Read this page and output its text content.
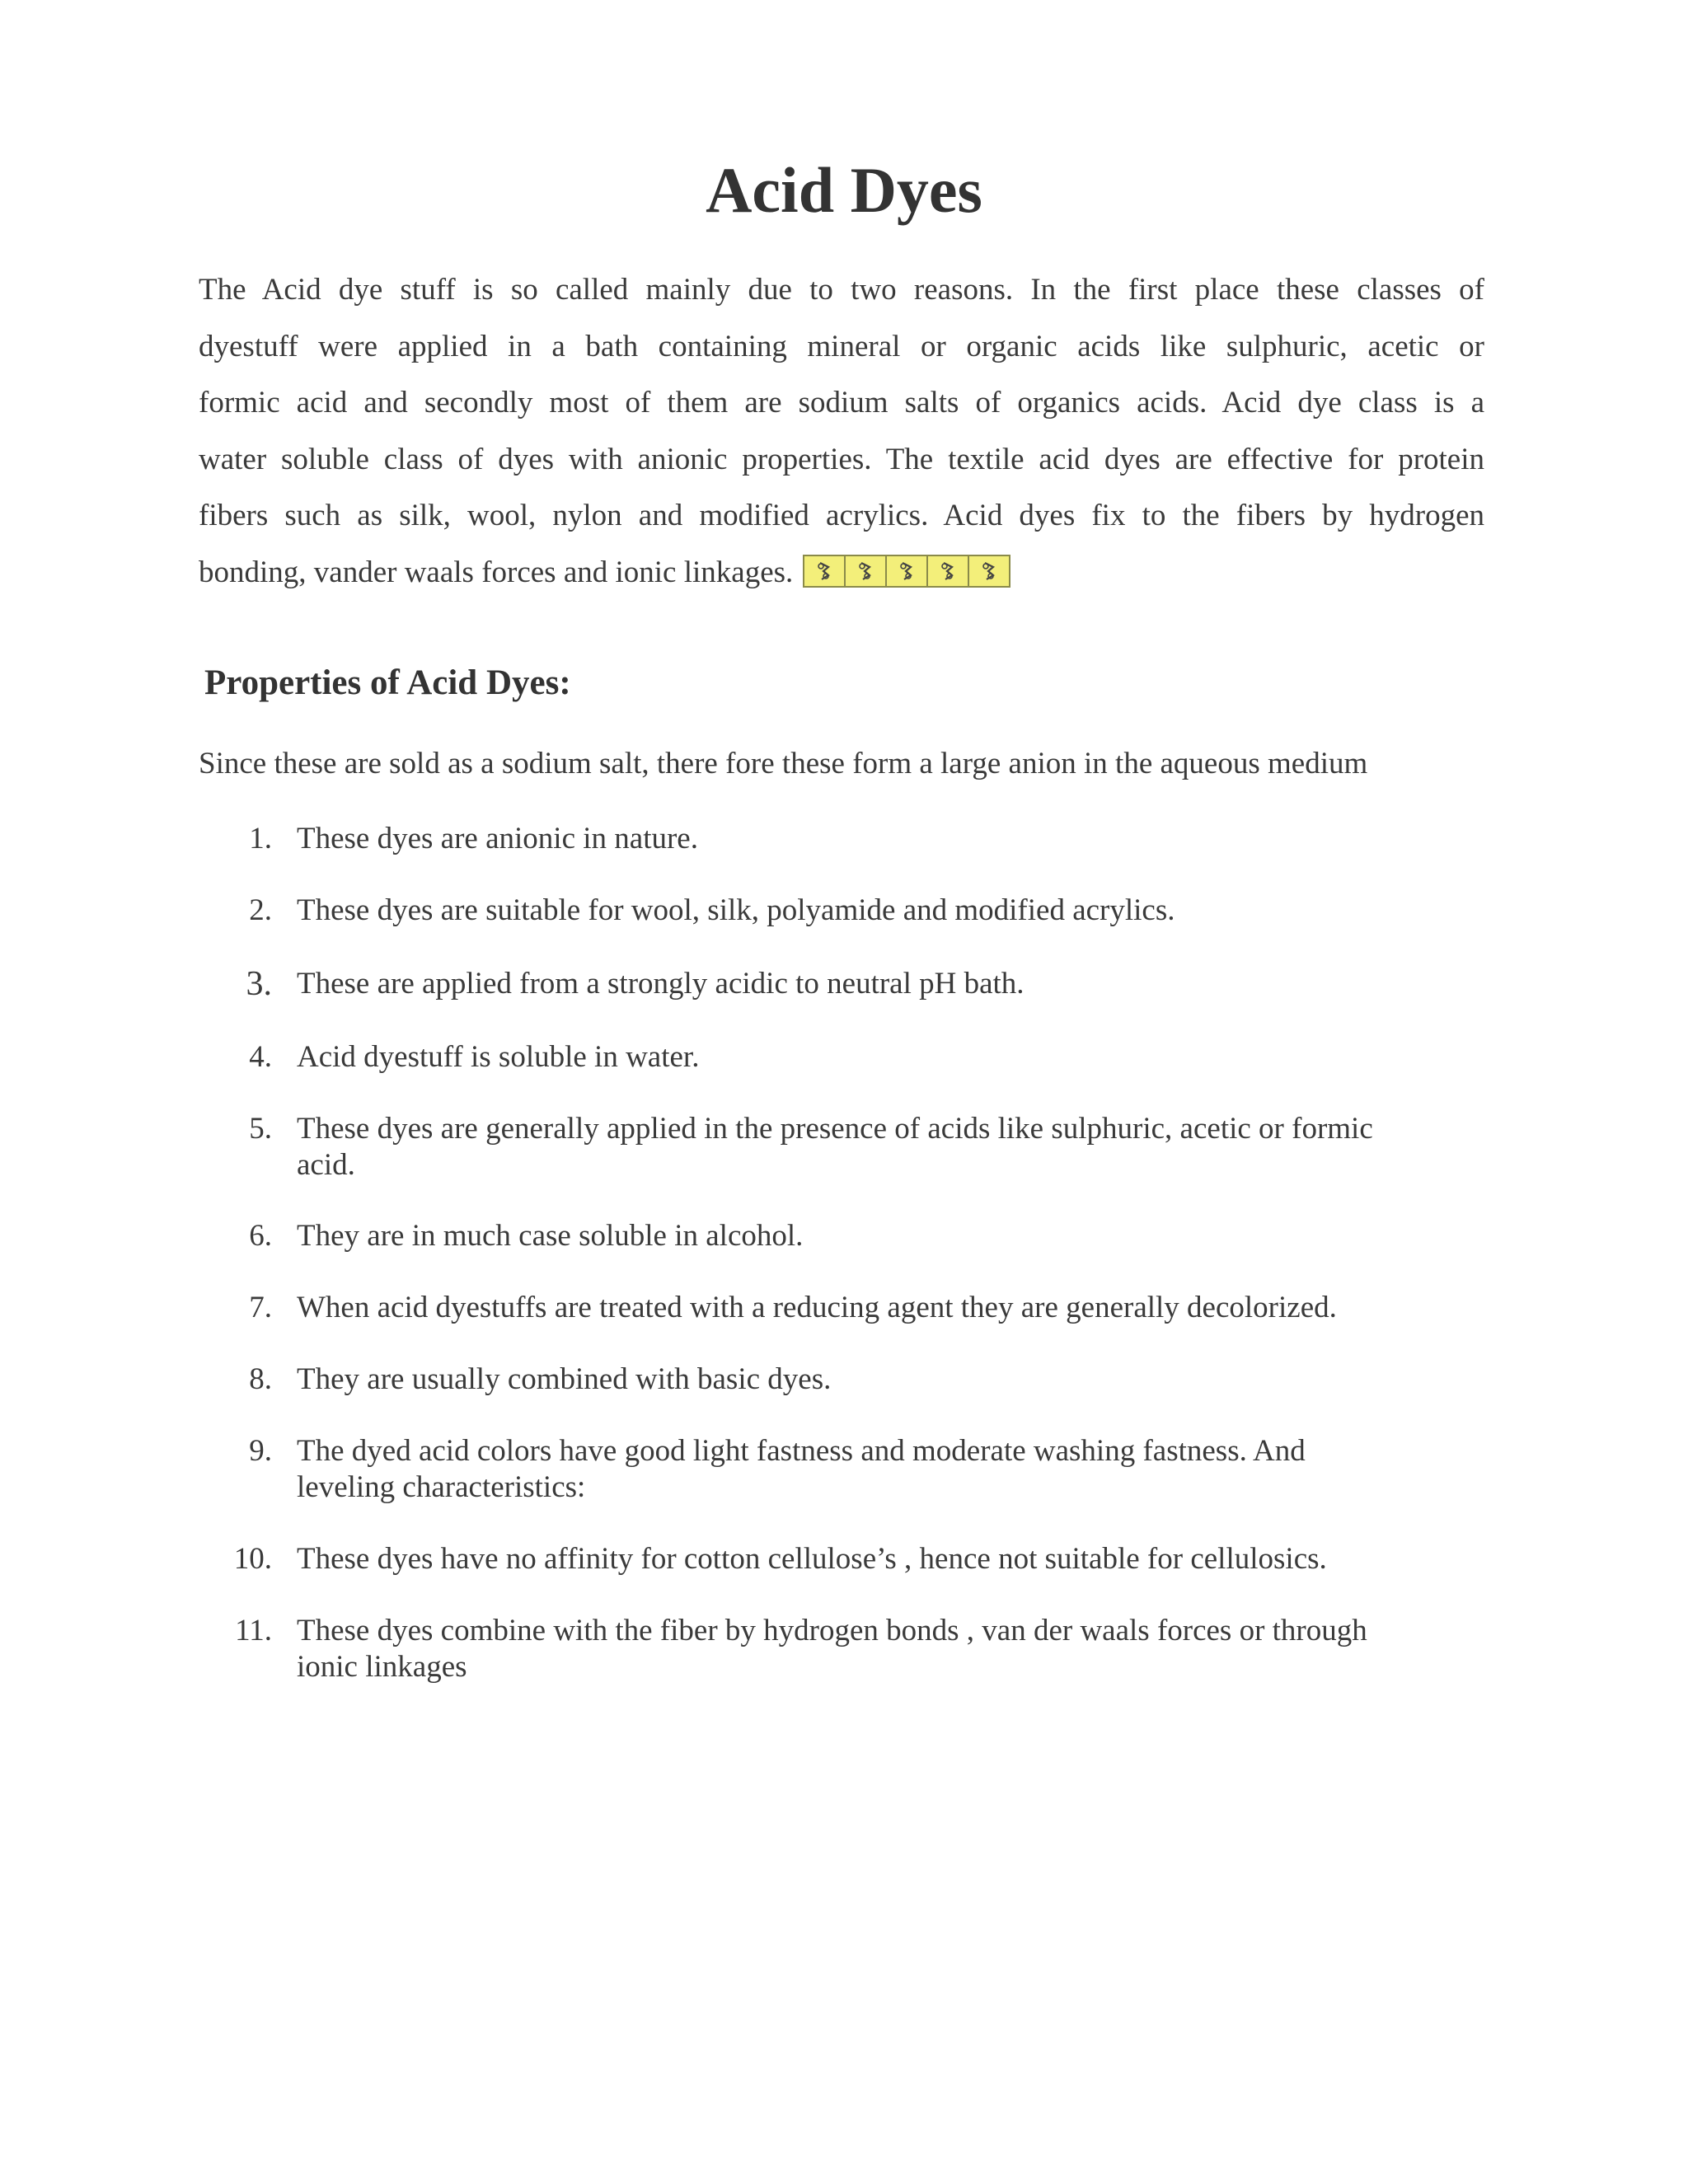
Acid Dyes

The Acid dye stuff is so called mainly due to two reasons. In the first place these classes of
dyestuff were applied in a bath containing mineral or organic acids like sulphuric, acetic or
formic acid and secondly most of them are sodium salts of organics acids. Acid dye class is a
water soluble class of dyes with anionic properties. The textile acid dyes are effective for protein
fibers such as silk, wool, nylon and modified acrylics. Acid dyes fix to the fibers by hydrogen
bonding, vander waals forces and ionic linkages.

Properties of Acid Dyes:

Since these are sold as a sodium salt, there fore these form a large anion in the aqueous medium

1. These dyes are anionic in nature.
2. These dyes are suitable for wool, silk, polyamide and modified acrylics.
3. These are applied from a strongly acidic to neutral pH bath.
4. Acid dyestuff is soluble in water.
5. These dyes are generally applied in the presence of acids like sulphuric, acetic or formic
acid.
6. They are in much case soluble in alcohol.
7. When acid dyestuffs are treated with a reducing agent they are generally decolorized.
8. They are usually combined with basic dyes.
9. The dyed acid colors have good light fastness and moderate washing fastness. And
leveling characteristics:
10. These dyes have no affinity for cotton cellulose’s , hence not suitable for cellulosics.
11. These dyes combine with the fiber by hydrogen bonds , van der waals forces or through
ionic linkages
